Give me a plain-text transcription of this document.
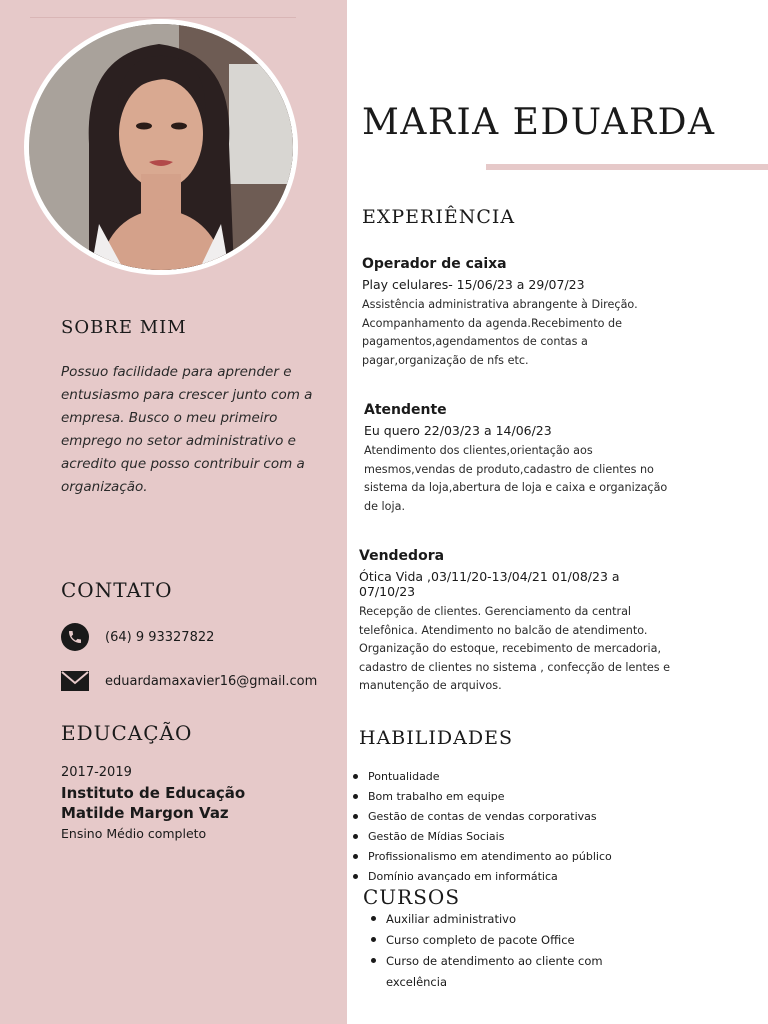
SOBRE MIM

Possuo facilidade para aprender e entusiasmo para crescer junto com a empresa. Busco o meu primeiro emprego no setor administrativo e acredito que posso contribuir com a organização.

CONTATO
(64) 9 93327822
eduardamaxavier16@gmail.com
EDUCAÇÃO
2017-2019
Instituto de Educação
Matilde Margon Vaz
Ensino Médio completo
MARIA EDUARDA
EXPERIÊNCIA
Operador de caixa
Play celulares- 15/06/23 a 29/07/23
Assistência administrativa abrangente à Direção. Acompanhamento da agenda.Recebimento de pagamentos,agendamentos de contas a pagar,organização de nfs etc.
Atendente
Eu quero 22/03/23 a 14/06/23
Atendimento dos clientes,orientação aos mesmos,vendas de produto,cadastro de clientes no sistema da loja,abertura de loja e caixa e organização de loja.
Vendedora
Ótica Vida ,03/11/20-13/04/21 01/08/23 a 07/10/23
Recepção de clientes. Gerenciamento da central telefônica. Atendimento no balcão de atendimento. Organização do estoque, recebimento de mercadoria, cadastro de clientes no sistema , confecção de lentes e manutenção de arquivos.
HABILIDADES
Pontualidade
Bom trabalho em equipe
Gestão de contas de vendas corporativas
Gestão de Mídias Sociais
Profissionalismo em atendimento ao público
Domínio avançado em informática
CURSOS
Auxiliar administrativo
Curso completo de pacote Office
Curso de atendimento ao cliente com excelência
